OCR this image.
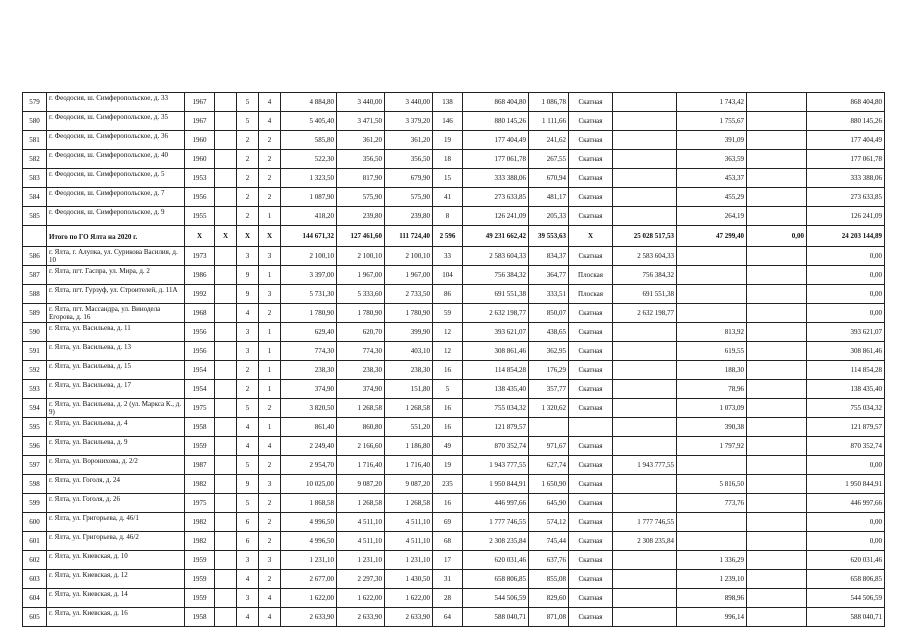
579	г. Феодосия, ш. Симферопольское, д. 33	1967		5	4	4 884,80	3 440,00	3 440,00	138	868 404,80	1 086,78	Скатная		1 743,42		868 404,80
580	г. Феодосия, ш. Симферопольское, д. 35	1967		5	4	5 405,40	3 471,50	3 379,20	146	880 145,26	1 111,66	Скатная		1 755,67		880 145,26
581	г. Феодосия, ш. Симферопольское, д. 36	1960		2	2	585,80	361,20	361,20	19	177 404,49	241,62	Скатная		391,09		177 404,49
582	г. Феодосия, ш. Симферопольское, д. 40	1960		2	2	522,30	356,50	356,50	18	177 061,78	267,55	Скатная		363,59		177 061,78
583	г. Феодосия, ш. Симферопольское, д. 5	1953		2	2	1 323,50	817,90	679,90	15	333 388,06	670,94	Скатная		453,37		333 388,06
584	г. Феодосия, ш. Симферопольское, д. 7	1956		2	2	1 087,90	575,90	575,90	41	273 633,85	481,17	Скатная		455,29		273 633,85
585	г. Феодосия, ш. Симферопольское, д. 9	1955		2	1	418,20	239,80	239,80	8	126 241,09	205,33	Скатная		264,19		126 241,09
	Итого по ГО Ялта на 2020 г.	X	X	X	X	144 671,32	127 461,60	111 724,40	2 596	49 231 662,42	39 553,63	X	25 028 517,53	47 299,40	0,00	24 203 144,89
586	г. Ялта, г. Алупка, ул. Сурикова Василия, д. 10	1973		3	3	2 100,10	2 100,10	2 100,10	33	2 583 604,33	834,37	Скатная	2 583 604,33			0,00
587	г. Ялта, пгт. Гаспра, ул. Мира, д. 2	1986		9	1	3 397,00	1 967,00	1 967,00	104	756 384,32	364,77	Плоская	756 384,32			0,00
588	г. Ялта, пгт. Гурзуф, ул. Строителей, д. 11А	1992		9	3	5 731,30	5 333,60	2 733,50	86	691 551,38	333,51	Плоская	691 551,38			0,00
589	г. Ялта, пгт. Массандра, ул. Винодела Егорова, д. 16	1968		4	2	1 780,90	1 780,90	1 780,90	59	2 632 198,77	850,07	Скатная	2 632 198,77			0,00
590	г. Ялта, ул. Васильева, д. 11	1956		3	1	629,40	620,70	399,90	12	393 621,07	438,65	Скатная		813,92		393 621,07
591	г. Ялта, ул. Васильева, д. 13	1956		3	1	774,30	774,30	403,10	12	308 861,46	362,95	Скатная		619,55		308 861,46
592	г. Ялта, ул. Васильева, д. 15	1954		2	1	238,30	238,30	238,30	16	114 854,28	176,29	Скатная		188,30		114 854,28
593	г. Ялта, ул. Васильева, д. 17	1954		2	1	374,90	374,90	151,80	5	138 435,40	357,77	Скатная		78,96		138 435,40
594	г. Ялта, ул. Васильева, д. 2 (ул. Маркса К., д. 9)	1975		5	2	3 820,50	1 268,58	1 268,58	16	755 034,32	1 320,62	Скатная		1 073,09		755 034,32
595	г. Ялта, ул. Васильева, д. 4	1958		4	1	861,40	860,80	551,20	16	121 879,57				390,38		121 879,57
596	г. Ялта, ул. Васильева, д. 9	1959		4	4	2 249,40	2 166,60	1 186,80	49	870 352,74	971,67	Скатная		1 797,92		870 352,74
597	г. Ялта, ул. Воронихова, д. 2/2	1987		5	2	2 954,70	1 716,40	1 716,40	19	1 943 777,55	627,74	Скатная	1 943 777,55			0,00
598	г. Ялта, ул. Гоголя, д. 24	1982		9	3	10 025,00	9 087,20	9 087,20	235	1 950 844,91	1 650,90	Скатная		5 816,50		1 950 844,91
599	г. Ялта, ул. Гоголя, д. 26	1975		5	2	1 868,58	1 268,58	1 268,58	16	446 997,66	645,90	Скатная		773,76		446 997,66
600	г. Ялта, ул. Григорьева, д. 46/1	1982		6	2	4 996,50	4 511,10	4 511,10	69	1 777 746,55	574,12	Скатная	1 777 746,55			0,00
601	г. Ялта, ул. Григорьева, д. 46/2	1982		6	2	4 996,50	4 511,10	4 511,10	68	2 308 235,84	745,44	Скатная	2 308 235,84			0,00
602	г. Ялта, ул. Киевская, д. 10	1959		3	3	1 231,10	1 231,10	1 231,10	17	620 031,46	637,76	Скатная		1 336,29		620 031,46
603	г. Ялта, ул. Киевская, д. 12	1959		4	2	2 677,00	2 297,30	1 430,50	31	658 806,85	855,08	Скатная		1 239,10		658 806,85
604	г. Ялта, ул. Киевская, д. 14	1959		3	4	1 622,00	1 622,00	1 622,00	28	544 506,59	829,60	Скатная		898,96		544 506,59
605	г. Ялта, ул. Киевская, д. 16	1958		4	4	2 633,90	2 633,90	2 633,90	64	588 040,71	871,08	Скатная		996,14		588 040,71
